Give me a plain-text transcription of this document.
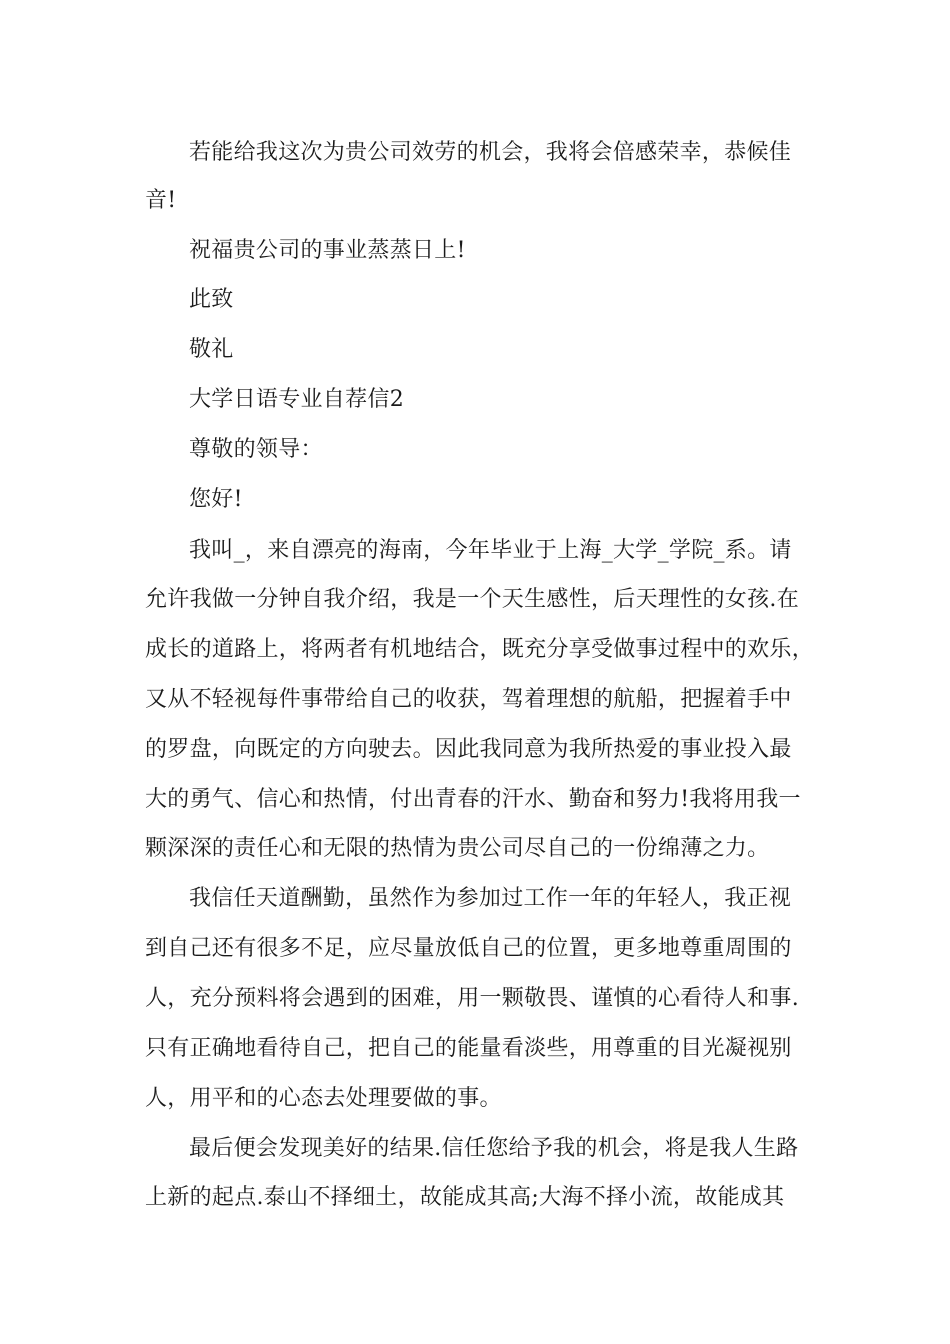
若能给我这次为贵公司效劳的机会，我将会倍感荣幸，恭候佳
音!
祝福贵公司的事业蒸蒸日上!
此致
敬礼
大学日语专业自荐信2
尊敬的领导：
您好!
我叫_，来自漂亮的海南，今年毕业于上海_大学_学院_系。请
允许我做一分钟自我介绍，我是一个天生感性，后天理性的女孩.在
成长的道路上，将两者有机地结合，既充分享受做事过程中的欢乐，
又从不轻视每件事带给自己的收获，驾着理想的航船，把握着手中
的罗盘，向既定的方向驶去。因此我同意为我所热爱的事业投入最
大的勇气、信心和热情，付出青春的汗水、勤奋和努力!我将用我一
颗深深的责任心和无限的热情为贵公司尽自己的一份绵薄之力。
我信任天道酬勤，虽然作为参加过工作一年的年轻人，我正视
到自己还有很多不足，应尽量放低自己的位置，更多地尊重周围的
人，充分预料将会遇到的困难，用一颗敬畏、谨慎的心看待人和事.
只有正确地看待自己，把自己的能量看淡些，用尊重的目光凝视别
人，用平和的心态去处理要做的事。
最后便会发现美好的结果.信任您给予我的机会，将是我人生路
上新的起点.泰山不择细土，故能成其高;大海不择小流，故能成其
